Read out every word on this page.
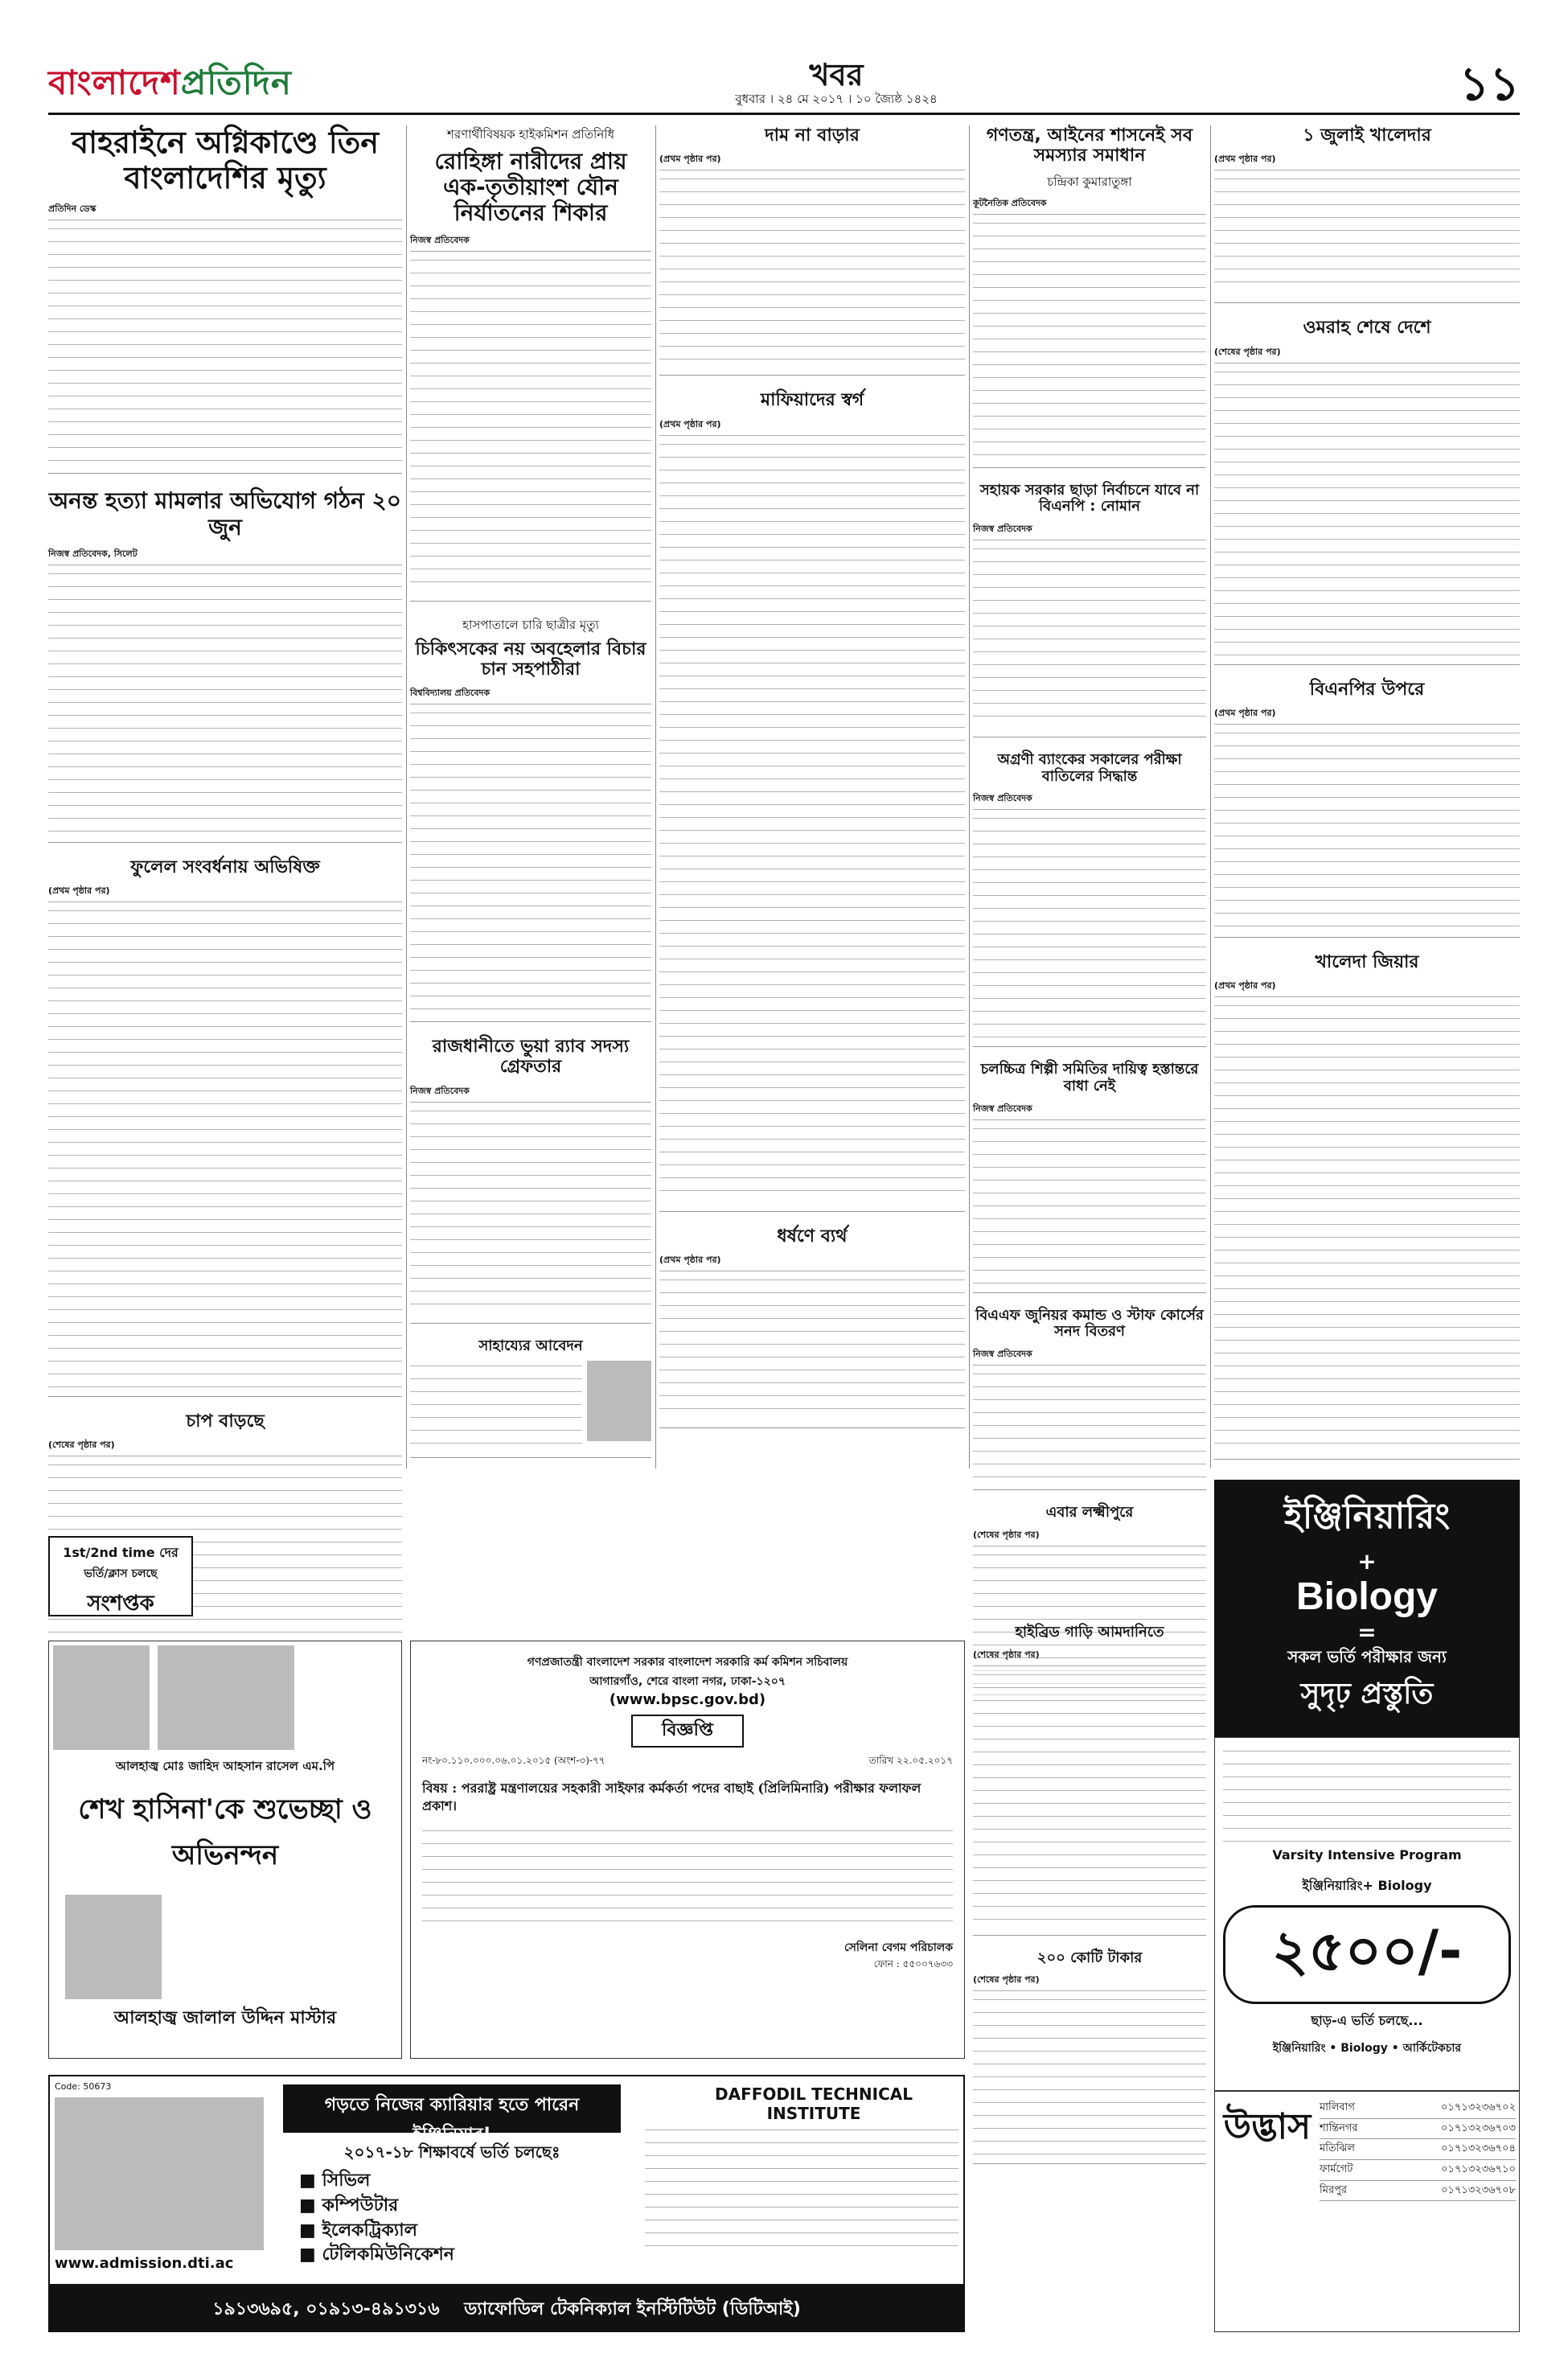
বাংলাদেশপ্রতিদিন	খবর
বুধবার । ২৪ মে ২০১৭ । ১০ জ্যৈষ্ঠ ১৪২৪	১১
বাহরাইনে অগ্নিকাণ্ডে তিন বাংলাদেশির মৃত্যু
প্রতিদিন ডেস্ক
অনন্ত হত্যা মামলার অভিযোগ গঠন ২০ জুন
নিজস্ব প্রতিবেদক, সিলেট
ফুলেল সংবর্ধনায় অভিষিক্ত
(প্রথম পৃষ্ঠার পর)
চাপ বাড়ছে
(শেষের পৃষ্ঠার পর)
1st/2nd time দের
ভর্তি/ক্লাস চলছে
সংশপ্তক
শরণার্থীবিষয়ক হাইকমিশন প্রতিনিধি
রোহিঙ্গা নারীদের প্রায় এক-তৃতীয়াংশ যৌন নির্যাতনের শিকার
নিজস্ব প্রতিবেদক
হাসপাতালে চারি ছাত্রীর মৃত্যু
চিকিৎসকের নয় অবহেলার বিচার চান সহপাঠীরা
বিশ্ববিদ্যালয় প্রতিবেদক
রাজধানীতে ভুয়া র‍্যাব সদস্য গ্রেফতার
নিজস্ব প্রতিবেদক
সাহায্যের আবেদন
দাম না বাড়ার
(প্রথম পৃষ্ঠার পর)
মাফিয়াদের স্বর্গ
(প্রথম পৃষ্ঠার পর)
ধর্ষণে ব্যর্থ
(প্রথম পৃষ্ঠার পর)
গণতন্ত্র, আইনের শাসনেই সব সমস্যার সমাধান
চন্দ্রিকা কুমারাতুঙ্গা
কূটনৈতিক প্রতিবেদক
সহায়ক সরকার ছাড়া নির্বাচনে যাবে না বিএনপি : নোমান
নিজস্ব প্রতিবেদক
অগ্রণী ব্যাংকের সকালের পরীক্ষা বাতিলের সিদ্ধান্ত
নিজস্ব প্রতিবেদক
চলচ্চিত্র শিল্পী সমিতির দায়িত্ব হস্তান্তরে বাধা নেই
নিজস্ব প্রতিবেদক
বিএএফ জুনিয়র কমান্ড ও স্টাফ কোর্সের সনদ বিতরণ
নিজস্ব প্রতিবেদক
এবার লক্ষ্মীপুরে
(শেষের পৃষ্ঠার পর)
১ জুলাই খালেদার
(প্রথম পৃষ্ঠার পর)
ওমরাহ শেষে দেশে
(শেষের পৃষ্ঠার পর)
বিএনপির উপরে
(প্রথম পৃষ্ঠার পর)
খালেদা জিয়ার
(প্রথম পৃষ্ঠার পর)
হাইব্রিড গাড়ি আমদানিতে
(শেষের পৃষ্ঠার পর)
২০০ কোটি টাকার
(শেষের পৃষ্ঠার পর)
আলহাজ্ব মোঃ জাহিদ আহসান রাসেল এম.পি
শেখ হাসিনা'কে শুভেচ্ছা ও অভিনন্দন
আলহাজ্ব জালাল উদ্দিন মাস্টার
গণপ্রজাতন্ত্রী বাংলাদেশ সরকার বাংলাদেশ সরকারি কর্ম কমিশন সচিবালয়
আগারগাঁও, শেরে বাংলা নগর, ঢাকা-১২০৭
(www.bpsc.gov.bd)
বিজ্ঞপ্তি
নং-৮০.১১০.০০০.০৬.০১.২০১৫ (অংশ-৩)-৭৭	তারিখ ২২.০৫.২০১৭
বিষয় : পররাষ্ট্র মন্ত্রণালয়ের সহকারী সাইফার কর্মকর্তা পদের বাছাই (প্রিলিমিনারি) পরীক্ষার ফলাফল প্রকাশ।
সেলিনা বেগম পরিচালক
ফোন : ৫৫০০৭৬৩৩
Code: 50673
গড়তে নিজের ক্যারিয়ার হতে পারেন ইঞ্জিনিয়ার!
DAFFODIL TECHNICAL INSTITUTE
২০১৭-১৮ শিক্ষাবর্ষে ভর্তি চলছেঃ
■ সিভিল
■ কম্পিউটার
■ ইলেকট্রিক্যাল
■ টেলিকমিউনিকেশন
www.admission.dti.ac
১৯১৩৬৯৫, ০১৯১৩-৪৯১৩১৬ ড্যাফোডিল টেকনিক্যাল ইনস্টিটিউট (ডিটিআই)
ইঞ্জিনিয়ারিং
+
Biology
=
সকল ভর্তি পরীক্ষার জন্য
সুদৃঢ় প্রস্তুতি
Varsity Intensive Program
ইঞ্জিনিয়ারিং+ Biology
২৫০০/-
ছাড়-এ ভর্তি চলছে...
ইঞ্জিনিয়ারিং • Biology • আর্কিটেকচার
উদ্ভাস মালিবাগ	০১৭১৩২৩৬৭০২
শান্তিনগর	০১৭১৩২৩৬৭০৩
মতিঝিল	০১৭১৩২৩৬৭০৪
ফার্মগেট	০১৭১৩২৩৬৭১০
মিরপুর	০১৭১৩২৩৬৭০৮
